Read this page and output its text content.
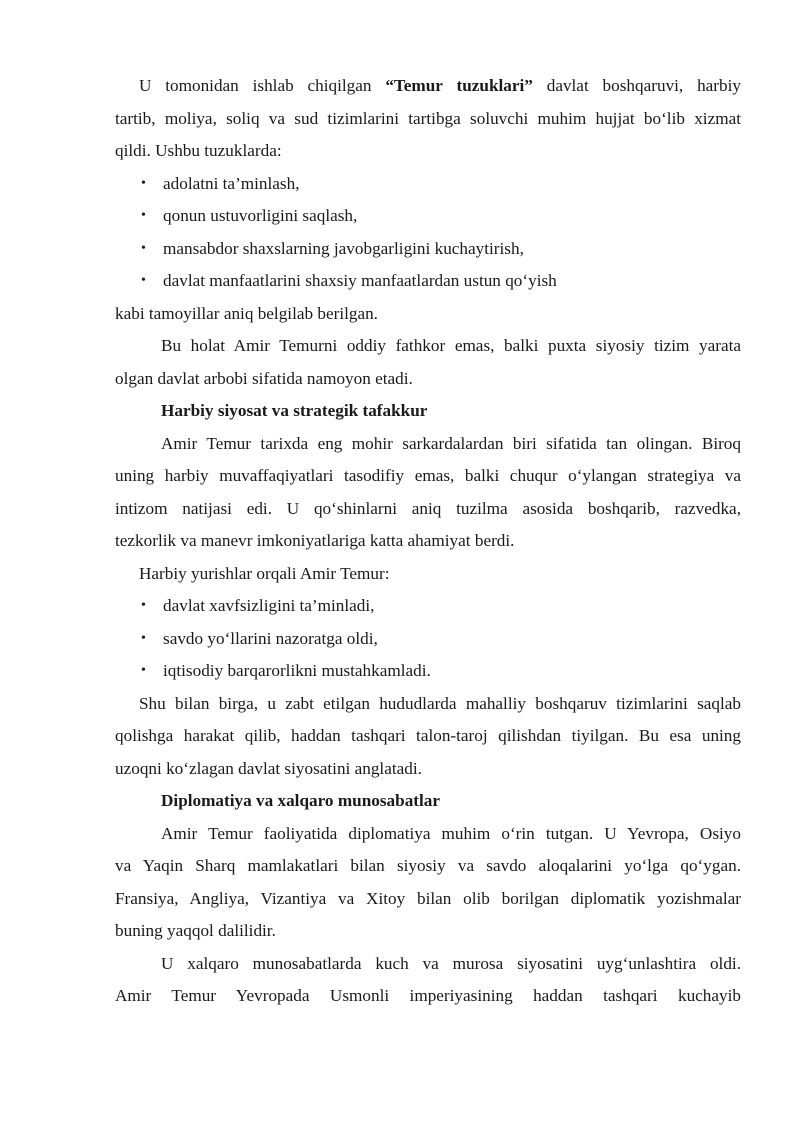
U tomonidan ishlab chiqilgan “Temur tuzuklari” davlat boshqaruvi, harbiy
tartib, moliya, soliq va sud tizimlarini tartibga soluvchi muhim hujjat bo‘lib xizmat
qildi. Ushbu tuzuklarda:
• adolatni ta’minlash,
• qonun ustuvorligini saqlash,
• mansabdor shaxslarning javobgarligini kuchaytirish,
• davlat manfaatlarini shaxsiy manfaatlardan ustun qo‘yish
kabi tamoyillar aniq belgilab berilgan.
Bu holat Amir Temurni oddiy fathkor emas, balki puxta siyosiy tizim yarata
olgan davlat arbobi sifatida namoyon etadi.
Harbiy siyosat va strategik tafakkur
Amir Temur tarixda eng mohir sarkardalardan biri sifatida tan olingan. Biroq
uning harbiy muvaffaqiyatlari tasodifiy emas, balki chuqur o‘ylangan strategiya va
intizom natijasi edi. U qo‘shinlarni aniq tuzilma asosida boshqarib, razvedka,
tezkorlik va manevr imkoniyatlariga katta ahamiyat berdi.
Harbiy yurishlar orqali Amir Temur:
• davlat xavfsizligini ta’minladi,
• savdo yo‘llarini nazoratga oldi,
• iqtisodiy barqarorlikni mustahkamladi.
Shu bilan birga, u zabt etilgan hududlarda mahalliy boshqaruv tizimlarini saqlab
qolishga harakat qilib, haddan tashqari talon-taroj qilishdan tiyilgan. Bu esa uning
uzoqni ko‘zlagan davlat siyosatini anglatadi.
Diplomatiya va xalqaro munosabatlar
Amir Temur faoliyatida diplomatiya muhim o‘rin tutgan. U Yevropa, Osiyo
va Yaqin Sharq mamlakatlari bilan siyosiy va savdo aloqalarini yo‘lga qo‘ygan.
Fransiya, Angliya, Vizantiya va Xitoy bilan olib borilgan diplomatik yozishmalar
buning yaqqol dalilidir.
U xalqaro munosabatlarda kuch va murosa siyosatini uyg‘unlashtira oldi.
Amir Temur Yevropada Usmonli imperiyasining haddan tashqari kuchayib
